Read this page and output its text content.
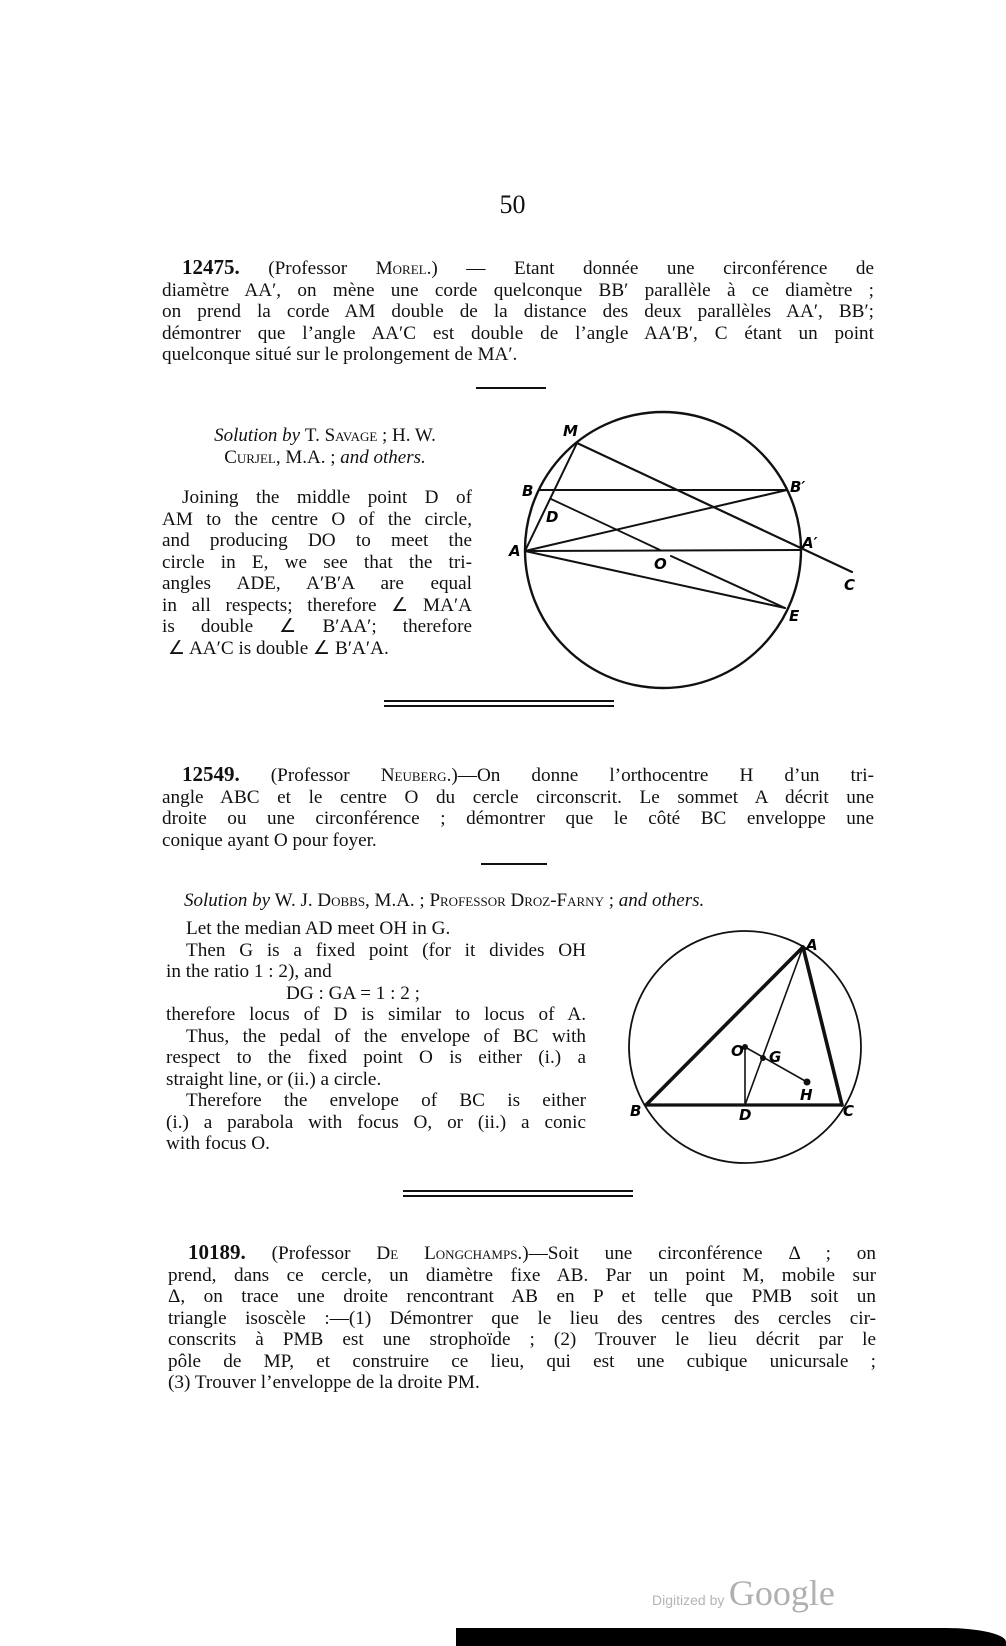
50
12475. (Professor Morel.) — Etant donnée une circonférence de
diamètre AA′, on mène une corde quelconque BB′ parallèle à ce diamètre ;
on prend la corde AM double de la distance des deux parallèles AA′, BB′;
démontrer que l’angle AA′C est double de l’angle AA′B′, C étant un point
quelconque situé sur le prolongement de MA′.
Solution by T. Savage ; H. W.
Curjel, M.A. ; and others.
Joining the middle point D of
AM to the centre O of the circle,
and producing DO to meet the
circle in E, we see that the tri-
angles ADE, A′B′A are equal
in all respects; therefore ∠ MA′A
is double ∠ B′AA′; therefore
∠ AA′C is double ∠ B′A′A.
M
B	B′
D
A	A′
O
E
C
12549. (Professor Neuberg.)—On donne l’orthocentre H d’un tri-
angle ABC et le centre O du cercle circonscrit. Le sommet A décrit une
droite ou une circonférence ; démontrer que le côté BC enveloppe une
conique ayant O pour foyer.
Solution by W. J. Dobbs, M.A. ; Professor Droz-Farny ; and others.
Let the median AD meet OH in G.
Then G is a fixed point (for it divides OH
in the ratio 1 : 2), and
DG : GA = 1 : 2 ;
therefore locus of D is similar to locus of A.
Thus, the pedal of the envelope of BC with
respect to the fixed point O is either (i.) a
straight line, or (ii.) a circle.
Therefore the envelope of BC is either
(i.) a parabola with focus O, or (ii.) a conic
with focus O.
A
B	C
D
O G
H
10189. (Professor De Longchamps.)—Soit une circonférence Δ ; on
prend, dans ce cercle, un diamètre fixe AB. Par un point M, mobile sur
Δ, on trace une droite rencontrant AB en P et telle que PMB soit un
triangle isoscèle :—(1) Démontrer que le lieu des centres des cercles cir-
conscrits à PMB est une strophoïde ; (2) Trouver le lieu décrit par le
pôle de MP, et construire ce lieu, qui est une cubique unicursale ;
(3) Trouver l’enveloppe de la droite PM.
Digitized by Google
